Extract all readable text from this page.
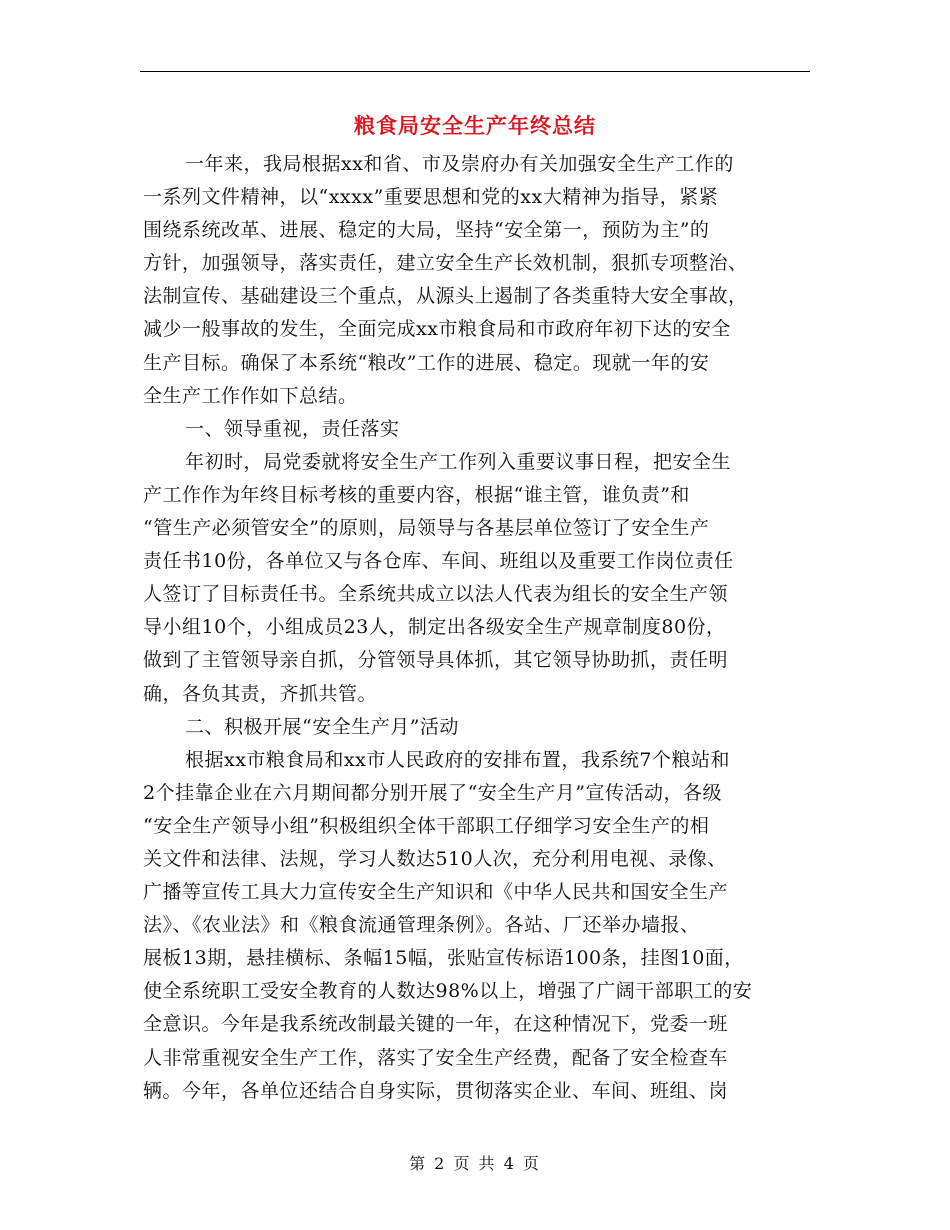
粮食局安全生产年终总结
一年来，我局根据xx和省、市及崇府办有关加强安全生产工作的
一系列文件精神，以“xxxx”重要思想和党的xx大精神为指导，紧紧
围绕系统改革、进展、稳定的大局，坚持“安全第一，预防为主”的
方针，加强领导，落实责任，建立安全生产长效机制，狠抓专项整治、
法制宣传、基础建设三个重点，从源头上遏制了各类重特大安全事故，
减少一般事故的发生，全面完成xx市粮食局和市政府年初下达的安全
生产目标。确保了本系统“粮改”工作的进展、稳定。现就一年的安
全生产工作作如下总结。
一、领导重视，责任落实
年初时，局党委就将安全生产工作列入重要议事日程，把安全生
产工作作为年终目标考核的重要内容，根据“谁主管，谁负责”和
“管生产必须管安全”的原则，局领导与各基层单位签订了安全生产
责任书10份，各单位又与各仓库、车间、班组以及重要工作岗位责任
人签订了目标责任书。全系统共成立以法人代表为组长的安全生产领
导小组10个，小组成员23人，制定出各级安全生产规章制度80份，
做到了主管领导亲自抓，分管领导具体抓，其它领导协助抓，责任明
确，各负其责，齐抓共管。
二、积极开展“安全生产月”活动
根据xx市粮食局和xx市人民政府的安排布置，我系统7个粮站和
2个挂靠企业在六月期间都分别开展了“安全生产月”宣传活动，各级
“安全生产领导小组”积极组织全体干部职工仔细学习安全生产的相
关文件和法律、法规，学习人数达510人次，充分利用电视、录像、
广播等宣传工具大力宣传安全生产知识和《中华人民共和国安全生产
法》、《农业法》和《粮食流通管理条例》。各站、厂还举办墙报、
展板13期，悬挂横标、条幅15幅，张贴宣传标语100条，挂图10面，
使全系统职工受安全教育的人数达98%以上，增强了广阔干部职工的安
全意识。今年是我系统改制最关键的一年，在这种情况下，党委一班
人非常重视安全生产工作，落实了安全生产经费，配备了安全检查车
辆。今年，各单位还结合自身实际，贯彻落实企业、车间、班组、岗
第 2 页 共 4 页
